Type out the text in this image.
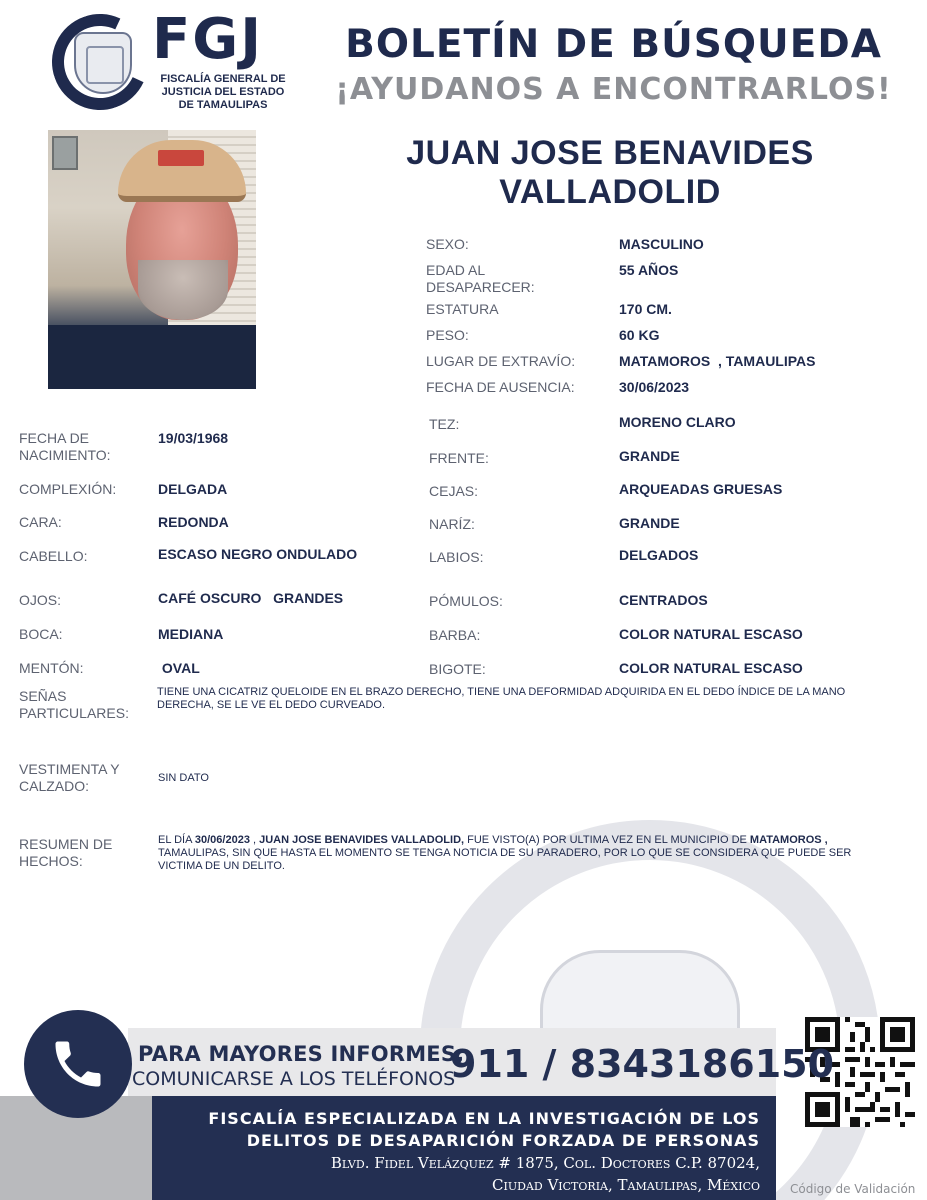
FGJ
FISCALÍA GENERAL DE JUSTICIA DEL ESTADO DE TAMAULIPAS
BOLETÍN DE BÚSQUEDA
¡AYUDANOS A ENCONTRARLOS!
JUAN JOSE BENAVIDES
VALLADOLID
SEXO:	MASCULINO
EDAD AL DESAPARECER:
55 AÑOS
ESTATURA	170 CM.
PESO:	60 KG
LUGAR DE EXTRAVÍO:	MATAMOROS  , TAMAULIPAS
FECHA DE AUSENCIA:	30/06/2023
FECHA DE NACIMIENTO:
19/03/1968
COMPLEXIÓN:	DELGADA
CARA:	REDONDA
CABELLO:	ESCASO NEGRO ONDULADO
OJOS:	CAFÉ OSCURO   GRANDES
BOCA:	MEDIANA
MENTÓN:	OVAL
TEZ:	MORENO CLARO
FRENTE:	GRANDE
CEJAS:	ARQUEADAS GRUESAS
NARÍZ:	GRANDE
LABIOS:	DELGADOS
PÓMULOS:	CENTRADOS
BARBA:	COLOR NATURAL ESCASO
BIGOTE:	COLOR NATURAL ESCASO
SEÑAS PARTICULARES:
TIENE UNA CICATRIZ QUELOIDE EN EL BRAZO DERECHO, TIENE UNA DEFORMIDAD ADQUIRIDA EN EL DEDO ÍNDICE DE LA MANO DERECHA, SE LE VE EL DEDO CURVEADO.
VESTIMENTA Y CALZADO:	SIN DATO
RESUMEN DE HECHOS:
EL DÍA 30/06/2023 , JUAN JOSE BENAVIDES VALLADOLID, FUE VISTO(A) POR ULTIMA VEZ EN EL MUNICIPIO DE MATAMOROS , TAMAULIPAS, SIN QUE HASTA EL MOMENTO SE TENGA NOTICIA DE SU PARADERO, POR LO QUE SE CONSIDERA QUE PUEDE SER VICTIMA DE UN DELITO.
PARA MAYORES INFORMES,
COMUNICARSE A LOS TELÉFONOS
911 / 8343186150
FISCALÍA ESPECIALIZADA EN LA INVESTIGACIÓN DE LOS
DELITOS DE DESAPARICIÓN FORZADA DE PERSONAS
Blvd. Fidel Velázquez # 1875, Col. Doctores C.P. 87024,
Ciudad Victoria, Tamaulipas, México	Código de Validación
